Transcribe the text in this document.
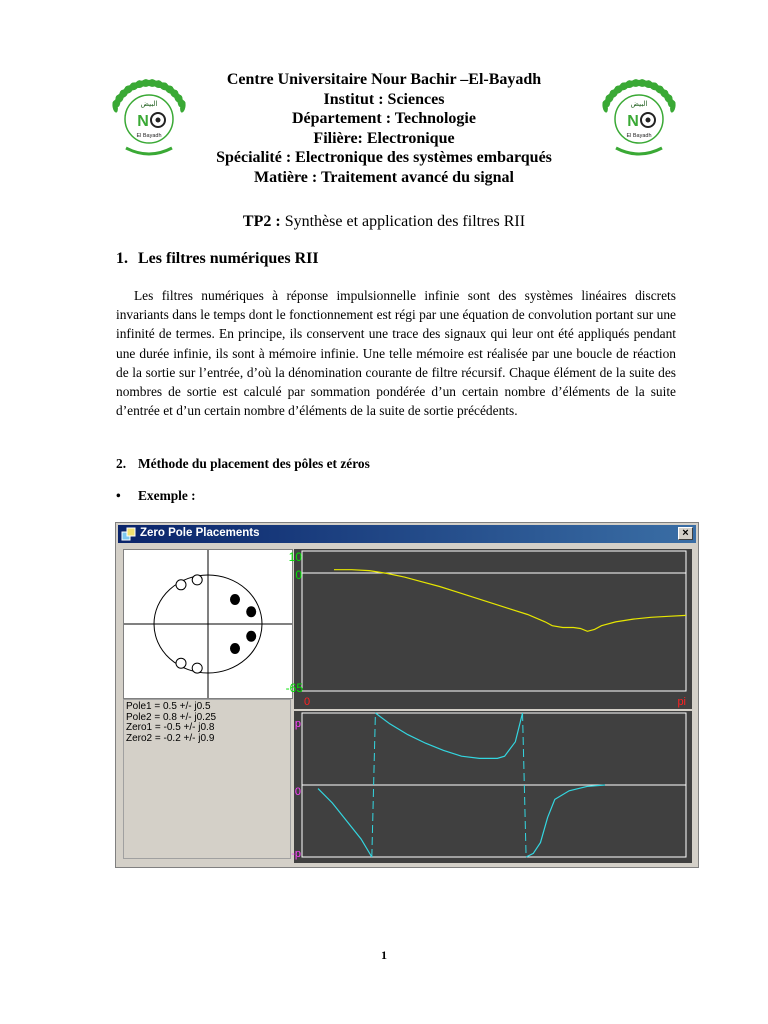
البيض
N
El Bayadh
البيض
N
El Bayadh
Centre Universitaire Nour Bachir –El-Bayadh
Institut : Sciences
Département : Technologie
Filière: Electronique
Spécialité : Electronique des systèmes embarqués
Matière : Traitement avancé du signal
TP2 : Synthèse et application des filtres RII
1. Les filtres numériques RII
Les filtres numériques à réponse impulsionnelle infinie sont des systèmes linéaires discrets invariants dans le temps dont le fonctionnement est régi par une équation de convolution portant sur une infinité de termes. En principe, ils conservent une trace des signaux qui leur ont été appliqués pendant une durée infinie, ils sont à mémoire infinie. Une telle mémoire est réalisée par une boucle de réaction de la sortie sur l’entrée, d’où la dénomination courante de filtre récursif. Chaque élément de la suite des nombres de sortie est calculé par sommation pondérée d’un certain nombre d’éléments de la suite d’entrée et d’un certain nombre d’éléments de la suite de sortie précédents.
2. Méthode du placement des pôles et zéros
• Exemple :
Zero Pole Placements	×
Pole1 = 0.5 +/- j0.5
Pole2 = 0.8 +/- j0.25
Zero1 = -0.5 +/- j0.8
Zero2 = -0.2 +/- j0.9
10
0
-65
0	pi
p
0
-p
1
